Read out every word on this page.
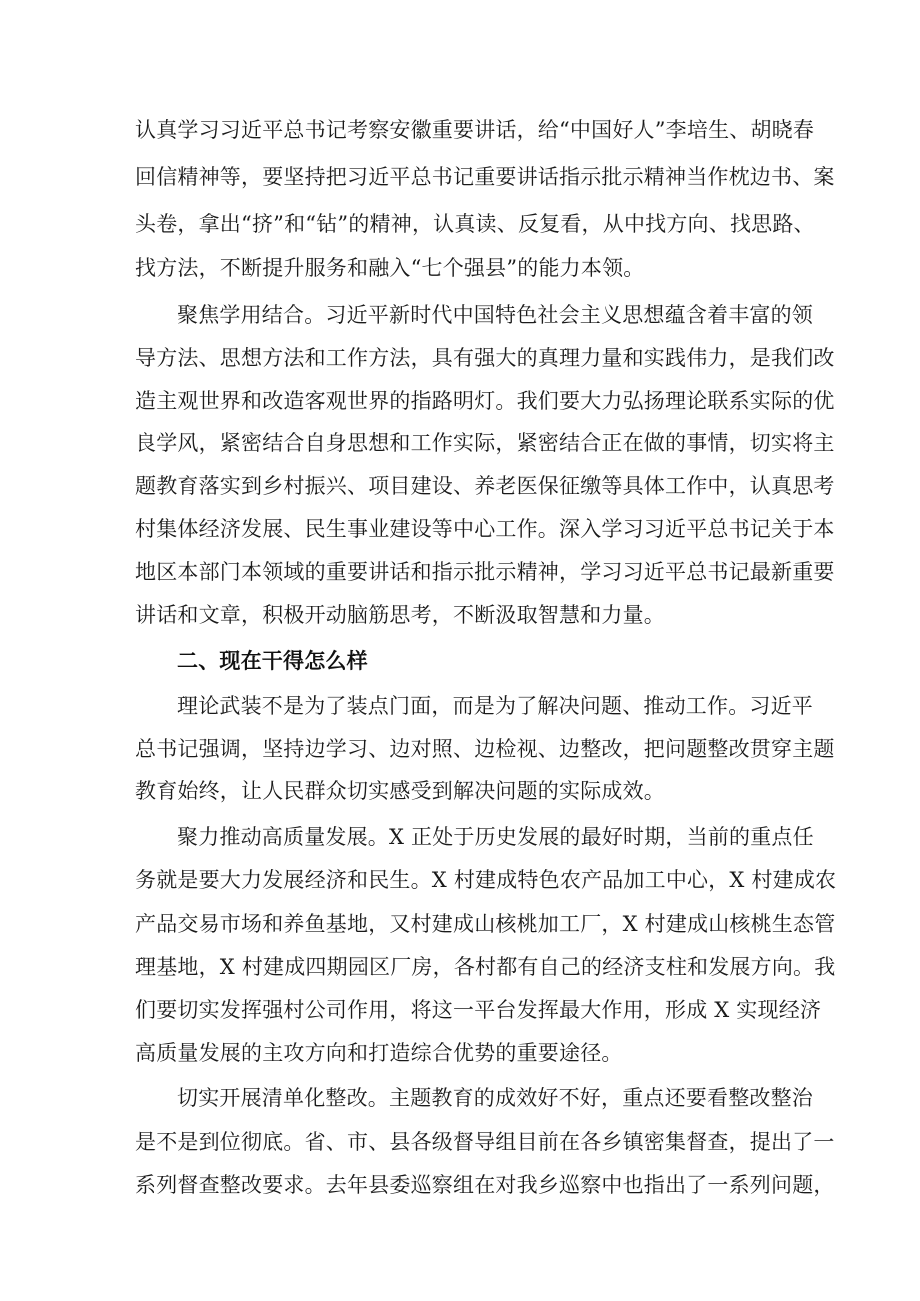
认真学习习近平总书记考察安徽重要讲话，给“中国好人”李培生、胡晓春
回信精神等，要坚持把习近平总书记重要讲话指示批示精神当作枕边书、案
头卷，拿出“挤”和“钻”的精神，认真读、反复看，从中找方向、找思路、
找方法，不断提升服务和融入“七个强县”的能力本领。
聚焦学用结合。习近平新时代中国特色社会主义思想蕴含着丰富的领
导方法、思想方法和工作方法，具有强大的真理力量和实践伟力，是我们改
造主观世界和改造客观世界的指路明灯。我们要大力弘扬理论联系实际的优
良学风，紧密结合自身思想和工作实际，紧密结合正在做的事情，切实将主
题教育落实到乡村振兴、项目建设、养老医保征缴等具体工作中，认真思考
村集体经济发展、民生事业建设等中心工作。深入学习习近平总书记关于本
地区本部门本领域的重要讲话和指示批示精神，学习习近平总书记最新重要
讲话和文章，积极开动脑筋思考，不断汲取智慧和力量。
二、现在干得怎么样
理论武装不是为了装点门面，而是为了解决问题、推动工作。习近平
总书记强调，坚持边学习、边对照、边检视、边整改，把问题整改贯穿主题
教育始终，让人民群众切实感受到解决问题的实际成效。
聚力推动高质量发展。X 正处于历史发展的最好时期，当前的重点任
务就是要大力发展经济和民生。X 村建成特色农产品加工中心，X 村建成农
产品交易市场和养鱼基地，又村建成山核桃加工厂，X 村建成山核桃生态管
理基地，X 村建成四期园区厂房，各村都有自己的经济支柱和发展方向。我
们要切实发挥强村公司作用，将这一平台发挥最大作用，形成 X 实现经济
高质量发展的主攻方向和打造综合优势的重要途径。
切实开展清单化整改。主题教育的成效好不好，重点还要看整改整治
是不是到位彻底。省、市、县各级督导组目前在各乡镇密集督查，提出了一
系列督查整改要求。去年县委巡察组在对我乡巡察中也指出了一系列问题，
